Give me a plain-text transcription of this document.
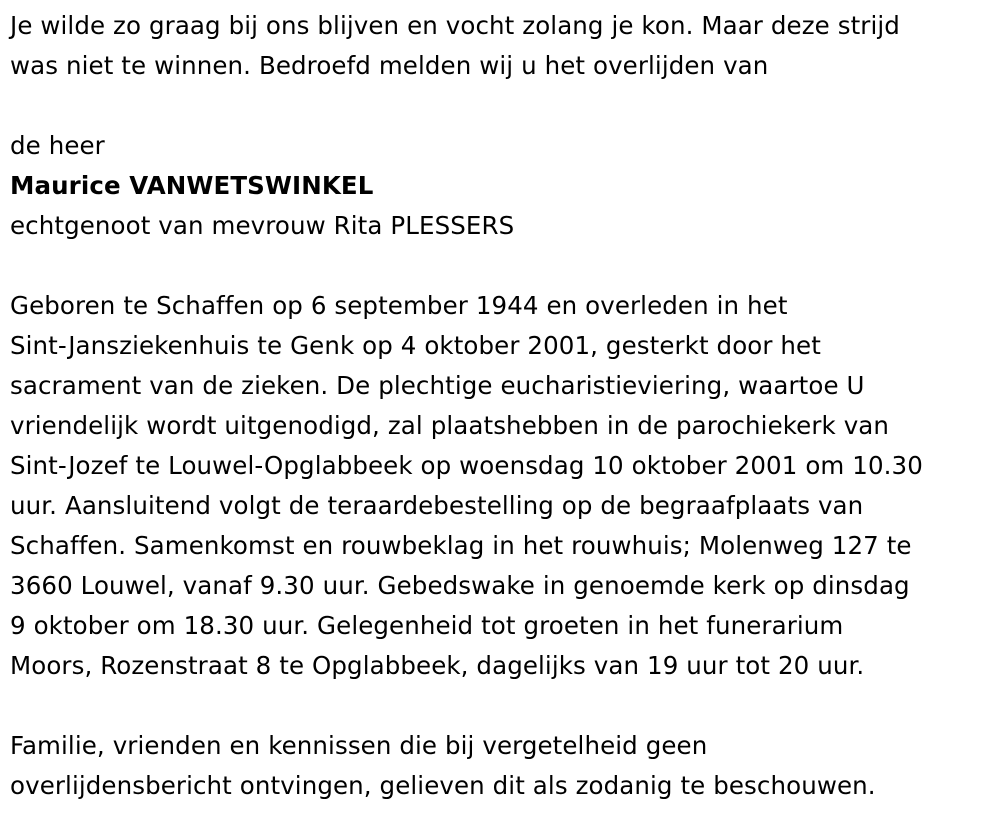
Je wilde zo graag bij ons blijven en vocht zolang je kon. Maar deze strijd
was niet te winnen. Bedroefd melden wij u het overlijden van
de heer
Maurice VANWETSWINKEL
echtgenoot van mevrouw Rita PLESSERS
Geboren te Schaffen op 6 september 1944 en overleden in het
Sint-Jansziekenhuis te Genk op 4 oktober 2001, gesterkt door het
sacrament van de zieken. De plechtige eucharistieviering, waartoe U
vriendelijk wordt uitgenodigd, zal plaatshebben in de parochiekerk van
Sint-Jozef te Louwel-Opglabbeek op woensdag 10 oktober 2001 om 10.30
uur. Aansluitend volgt de teraardebestelling op de begraafplaats van
Schaffen. Samenkomst en rouwbeklag in het rouwhuis; Molenweg 127 te
3660 Louwel, vanaf 9.30 uur. Gebedswake in genoemde kerk op dinsdag
9 oktober om 18.30 uur. Gelegenheid tot groeten in het funerarium
Moors, Rozenstraat 8 te Opglabbeek, dagelijks van 19 uur tot 20 uur.
Familie, vrienden en kennissen die bij vergetelheid geen
overlijdensbericht ontvingen, gelieven dit als zodanig te beschouwen.
